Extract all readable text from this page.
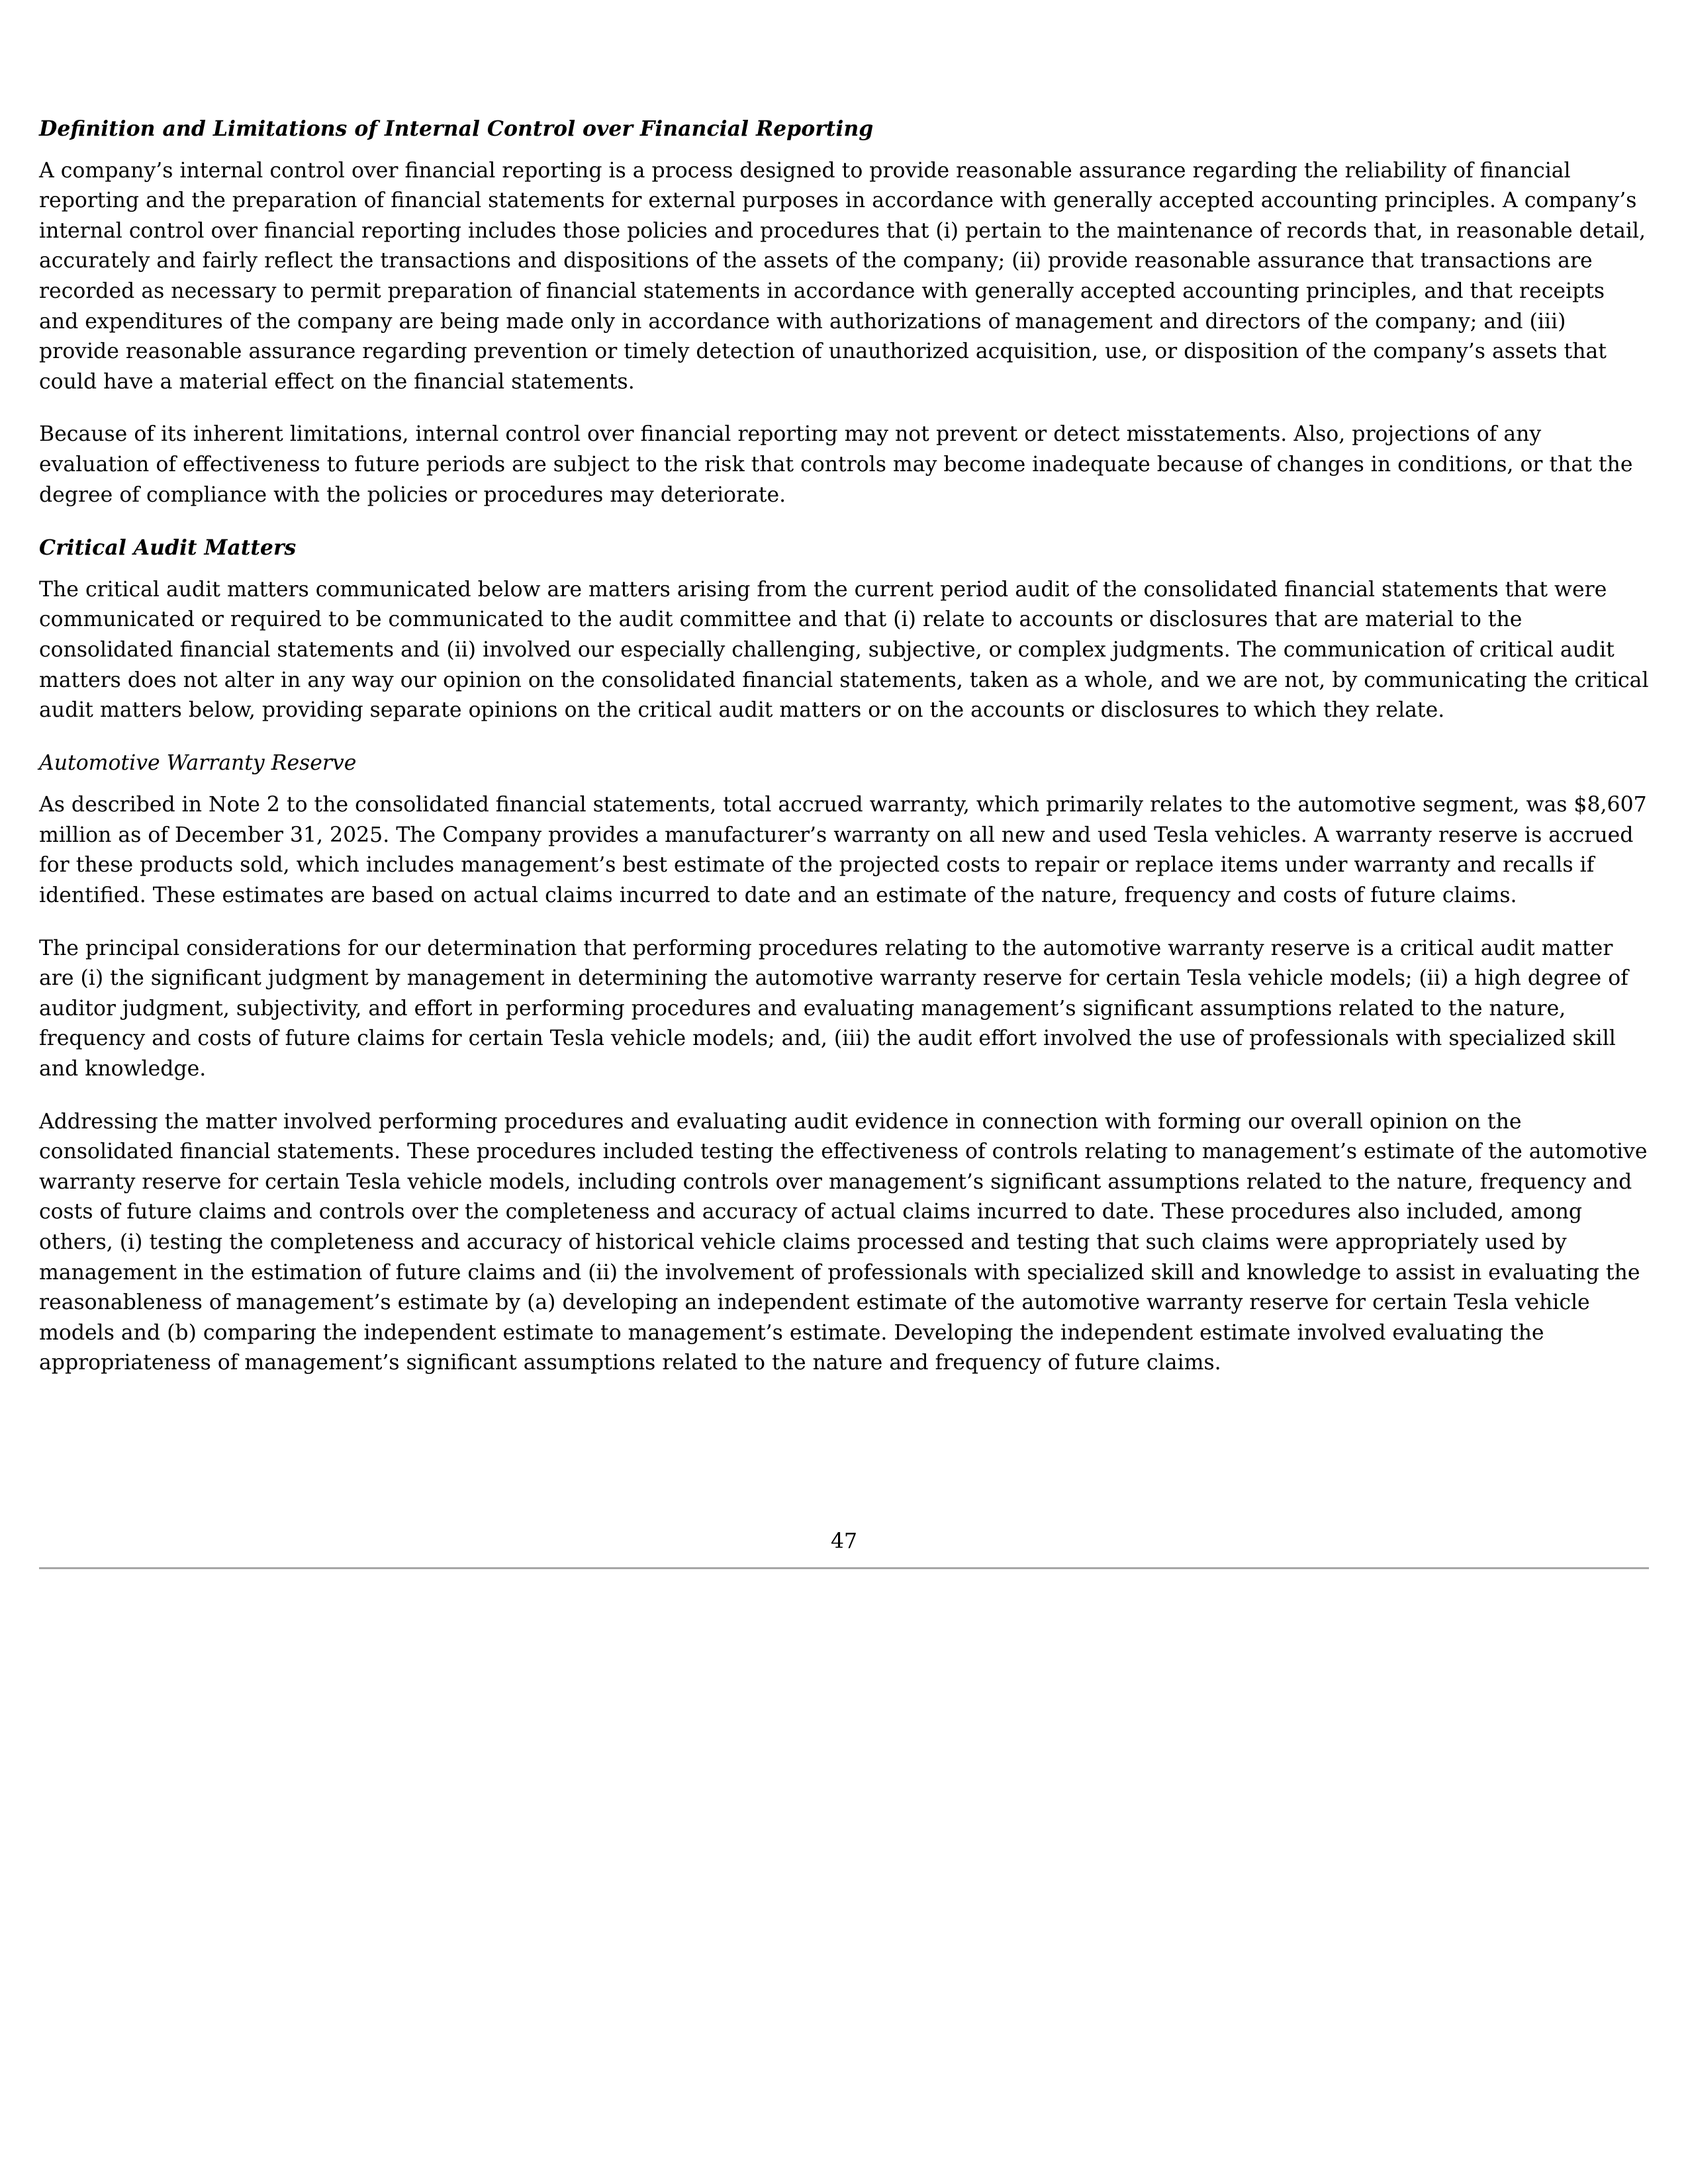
Definition and Limitations of Internal Control over Financial Reporting

A company’s internal control over financial reporting is a process designed to provide reasonable assurance regarding the reliability of financial reporting and the preparation of financial statements for external purposes in accordance with generally accepted accounting principles. A company’s internal control over financial reporting includes those policies and procedures that (i) pertain to the maintenance of records that, in reasonable detail, accurately and fairly reflect the transactions and dispositions of the assets of the company; (ii) provide reasonable assurance that transactions are recorded as necessary to permit preparation of financial statements in accordance with generally accepted accounting principles, and that receipts and expenditures of the company are being made only in accordance with authorizations of management and directors of the company; and (iii) provide reasonable assurance regarding prevention or timely detection of unauthorized acquisition, use, or disposition of the company’s assets that could have a material effect on the financial statements.

Because of its inherent limitations, internal control over financial reporting may not prevent or detect misstatements. Also, projections of any evaluation of effectiveness to future periods are subject to the risk that controls may become inadequate because of changes in conditions, or that the degree of compliance with the policies or procedures may deteriorate.

Critical Audit Matters

The critical audit matters communicated below are matters arising from the current period audit of the consolidated financial statements that were communicated or required to be communicated to the audit committee and that (i) relate to accounts or disclosures that are material to the consolidated financial statements and (ii) involved our especially challenging, subjective, or complex judgments. The communication of critical audit matters does not alter in any way our opinion on the consolidated financial statements, taken as a whole, and we are not, by communicating the critical audit matters below, providing separate opinions on the critical audit matters or on the accounts or disclosures to which they relate.

Automotive Warranty Reserve

As described in Note 2 to the consolidated financial statements, total accrued warranty, which primarily relates to the automotive segment, was $8,607 million as of December 31, 2025. The Company provides a manufacturer’s warranty on all new and used Tesla vehicles. A warranty reserve is accrued for these products sold, which includes management’s best estimate of the projected costs to repair or replace items under warranty and recalls if identified. These estimates are based on actual claims incurred to date and an estimate of the nature, frequency and costs of future claims.

The principal considerations for our determination that performing procedures relating to the automotive warranty reserve is a critical audit matter are (i) the significant judgment by management in determining the automotive warranty reserve for certain Tesla vehicle models; (ii) a high degree of auditor judgment, subjectivity, and effort in performing procedures and evaluating management’s significant assumptions related to the nature, frequency and costs of future claims for certain Tesla vehicle models; and, (iii) the audit effort involved the use of professionals with specialized skill and knowledge.

Addressing the matter involved performing procedures and evaluating audit evidence in connection with forming our overall opinion on the consolidated financial statements. These procedures included testing the effectiveness of controls relating to management’s estimate of the automotive warranty reserve for certain Tesla vehicle models, including controls over management’s significant assumptions related to the nature, frequency and costs of future claims and controls over the completeness and accuracy of actual claims incurred to date. These procedures also included, among others, (i) testing the completeness and accuracy of historical vehicle claims processed and testing that such claims were appropriately used by management in the estimation of future claims and (ii) the involvement of professionals with specialized skill and knowledge to assist in evaluating the reasonableness of management’s estimate by (a) developing an independent estimate of the automotive warranty reserve for certain Tesla vehicle models and (b) comparing the independent estimate to management’s estimate. Developing the independent estimate involved evaluating the appropriateness of management’s significant assumptions related to the nature and frequency of future claims.

47
